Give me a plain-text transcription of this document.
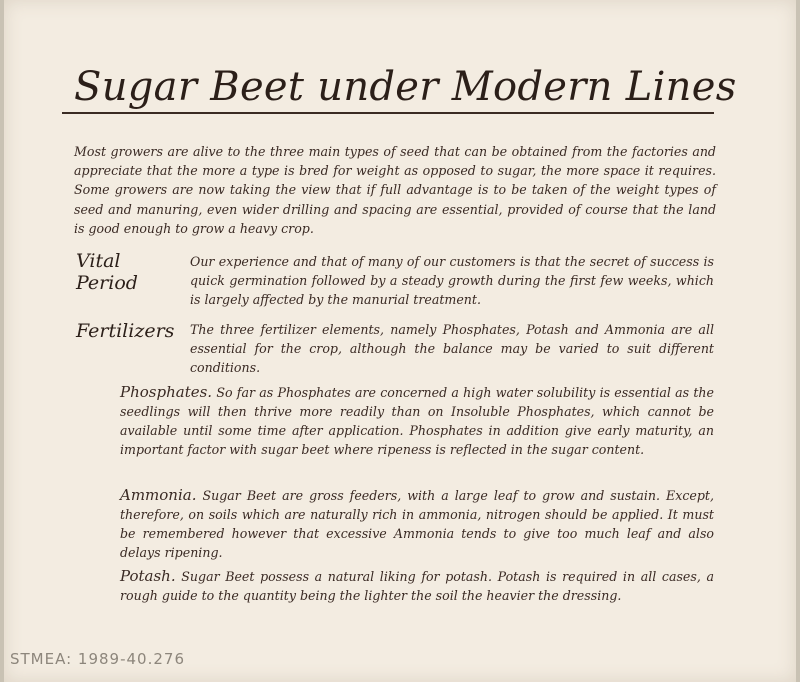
Sugar Beet under Modern Lines

Most growers are alive to the three main types of seed that can be obtained from the factories and appreciate that the more a type is bred for weight as opposed to sugar, the more space it requires. Some growers are now taking the view that if full advantage is to be taken of the weight types of seed and manuring, even wider drilling and spacing are essential, provided of course that the land is good enough to grow a heavy crop.

Vital
Period

Our experience and that of many of our customers is that the secret of success is quick germination followed by a steady growth during the first few weeks, which is largely affected by the manurial treatment.

Fertilizers The three fertilizer elements, namely Phosphates, Potash and Ammonia are all essential for the crop, although the balance may be varied to suit different conditions.

Phosphates. So far as Phosphates are concerned a high water solubility is essential as the seedlings will then thrive more readily than on Insoluble Phosphates, which cannot be available until some time after application. Phosphates in addition give early maturity, an important factor with sugar beet where ripeness is reflected in the sugar content.

Ammonia. Sugar Beet are gross feeders, with a large leaf to grow and sustain. Except, therefore, on soils which are naturally rich in ammonia, nitrogen should be applied. It must be remembered however that excessive Ammonia tends to give too much leaf and also delays ripening.

Potash. Sugar Beet possess a natural liking for potash. Potash is required in all cases, a rough guide to the quantity being the lighter the soil the heavier the dressing.

STMEA: 1989-40.276
